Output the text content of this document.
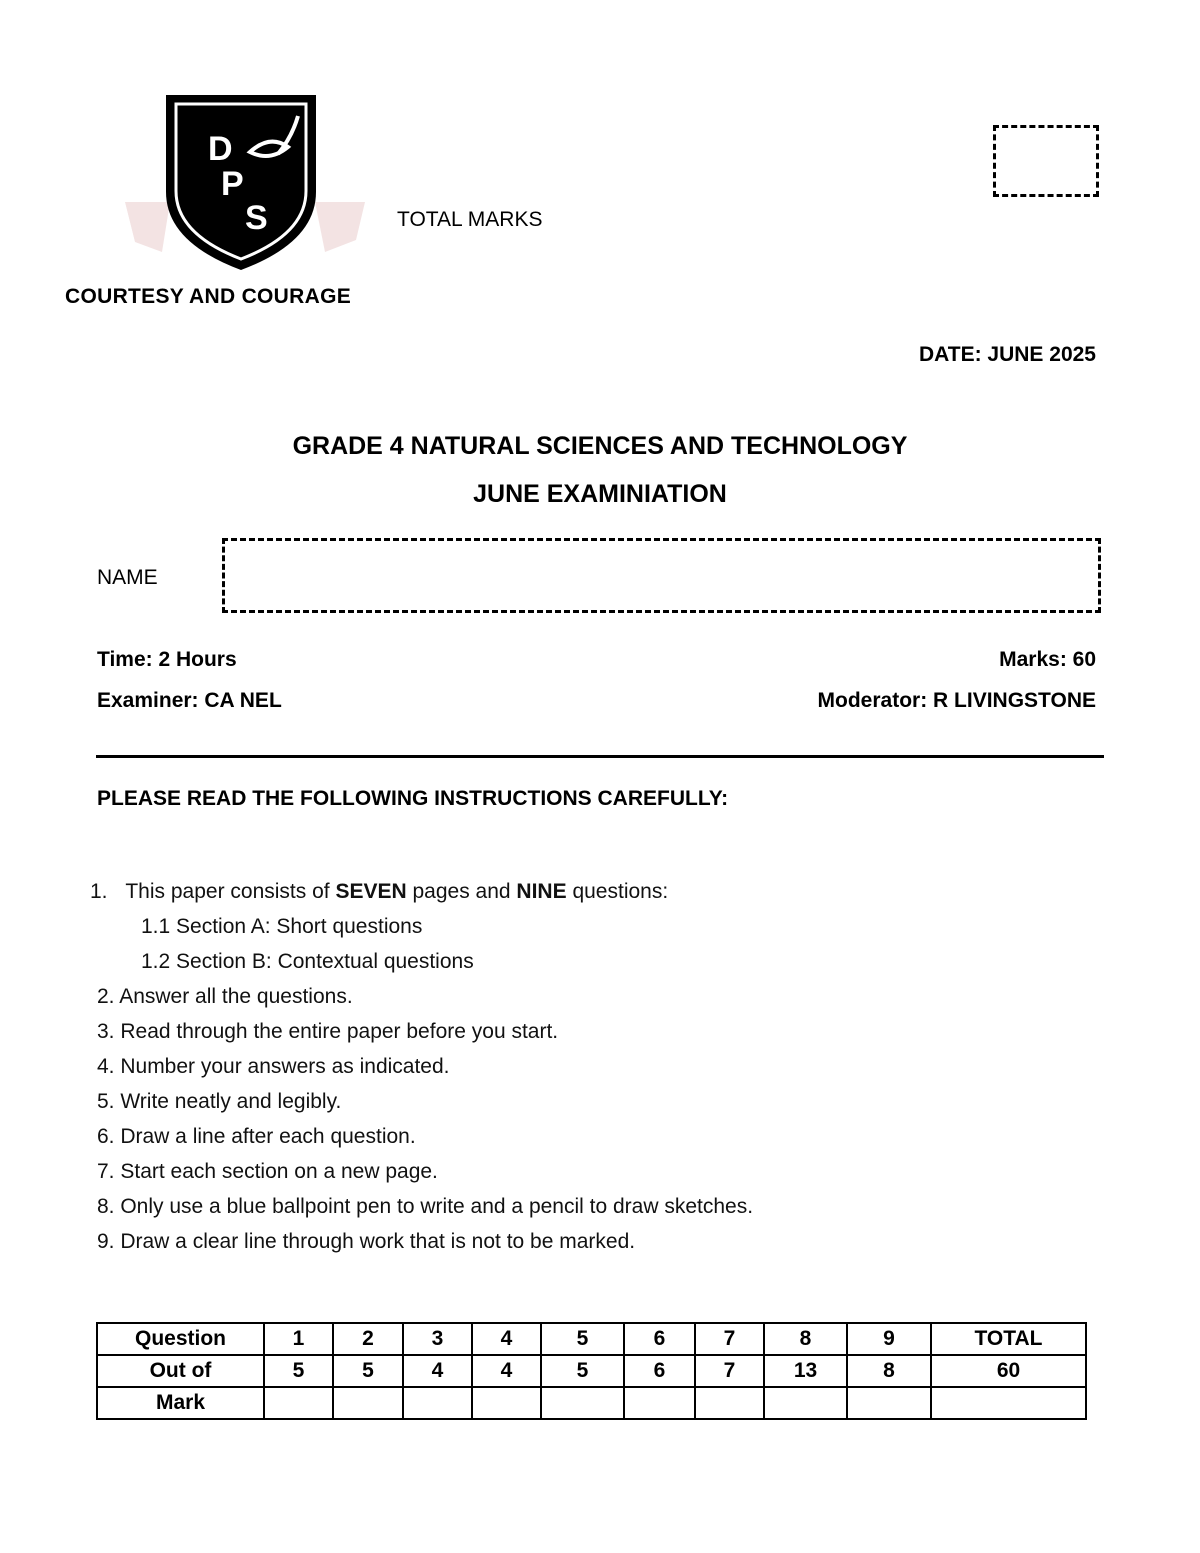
D
P
S
COURTESY AND COURAGE
TOTAL MARKS
DATE: JUNE 2025
GRADE 4 NATURAL SCIENCES AND TECHNOLOGY
JUNE EXAMINIATION
NAME
Time: 2 Hours	Marks: 60
Examiner: CA NEL	Moderator: R LIVINGSTONE
PLEASE READ THE FOLLOWING INSTRUCTIONS CAREFULLY:
1. This paper consists of SEVEN pages and NINE questions:
1.1 Section A: Short questions
1.2 Section B: Contextual questions
2. Answer all the questions.
3. Read through the entire paper before you start.
4. Number your answers as indicated.
5. Write neatly and legibly.
6. Draw a line after each question.
7. Start each section on a new page.
8. Only use a blue ballpoint pen to write and a pencil to draw sketches.
9. Draw a clear line through work that is not to be marked.
Question	1	2	3	4	5	6	7	8	9	TOTAL
Out of	5	5	4	4	5	6	7	13	8	60
Mark										
